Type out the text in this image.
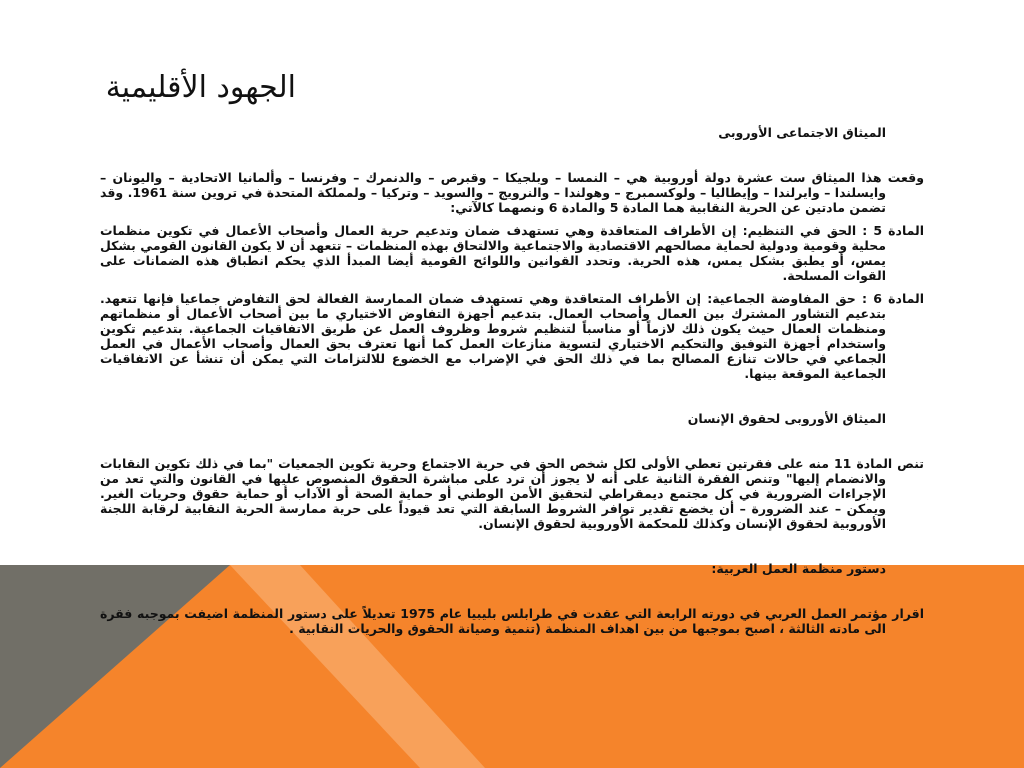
الجهود الأقليمية

الميثاق الاجتماعى الأوروبى

وقعت هذا الميثاق ست عشرة دولة أوروبية هي – النمسا – وبلجيكا – وقبرص – والدنمرك – وفرنسا – وألمانيا الاتحادية – واليونان – وايسلندا – وايرلندا – وإيطاليا – ولوكسمبرج – وهولندا – والنرويج – والسويد – وتركيا – ولمملكة المتحدة في تروين سنة 1961. وقد تضمن مادتين عن الحرية النقابية هما المادة 5 والمادة 6 ونصهما كالآتي:

المادة 5 : الحق في التنظيم: إن الأطراف المتعاقدة وهي تستهدف ضمان وتدعيم حرية العمال وأصحاب الأعمال في تكوين منظمات محلية وقومية ودولية لحماية مصالحهم الاقتصادية والاجتماعية والالتحاق بهذه المنظمات – تتعهد أن لا يكون القانون القومي بشكل يمس، أو يطبق بشكل يمس، هذه الحرية. وتحدد القوانين واللوائح القومية أيضا المبدأ الذي يحكم انطباق هذه الضمانات على القوات المسلحة.

المادة 6 : حق المفاوضة الجماعية: إن الأطراف المتعاقدة وهي تستهدف ضمان الممارسة الفعالة لحق التفاوض جماعيا فإنها تتعهد. بتدعيم التشاور المشترك بين العمال وأصحاب العمال. بتدعيم أجهزة التفاوض الاختياري ما بين أصحاب الأعمال أو منظماتهم ومنظمات العمال حيث يكون ذلك لازماً أو مناسباً لتنظيم شروط وظروف العمل عن طريق الاتفاقيات الجماعية. بتدعيم تكوين واستخدام أجهزة التوفيق والتحكيم الاختياري لتسوية منازعات العمل كما أنها تعترف بحق العمال وأصحاب الأعمال في العمل الجماعي في حالات تنازع المصالح بما في ذلك الحق في الإضراب مع الخضوع للالتزامات التي يمكن أن تنشأ عن الاتفاقيات الجماعية الموقعة بينها.

الميثاق الأوروبى لحقوق الإنسان

تنص المادة 11 منه على فقرتين تعطي الأولى لكل شخص الحق في حرية الاجتماع وحرية تكوين الجمعيات "بما في ذلك تكوين النقابات والانضمام إليها" وتنص الفقرة الثانية على أنه لا يجوز أن ترد على مباشرة الحقوق المنصوص عليها في القانون والتي تعد من الإجراءات الضرورية في كل مجتمع ديمقراطي لتحقيق الأمن الوطني أو حماية الصحة أو الآداب أو حماية حقوق وحريات الغير. ويمكن – عند الضرورة – أن يخضع تقدير توافر الشروط السابقة التي تعد قيوداً على حرية ممارسة الحرية النقابية لرقابة اللجنة الأوروبية لحقوق الإنسان وكذلك للمحكمة الأوروبية لحقوق الإنسان.

دستور منظمة العمل العربية:

اقرار مؤتمر العمل العربي في دورته الرابعة التي عقدت في طرابلس بليبيا عام 1975 تعديلاً على دستور المنظمة اضيفت بموجبه فقرة الى مادته الثالثة ، اصبح بموجبها من بين اهداف المنظمة (تنمية وصيانة الحقوق والحريات النقابية .
